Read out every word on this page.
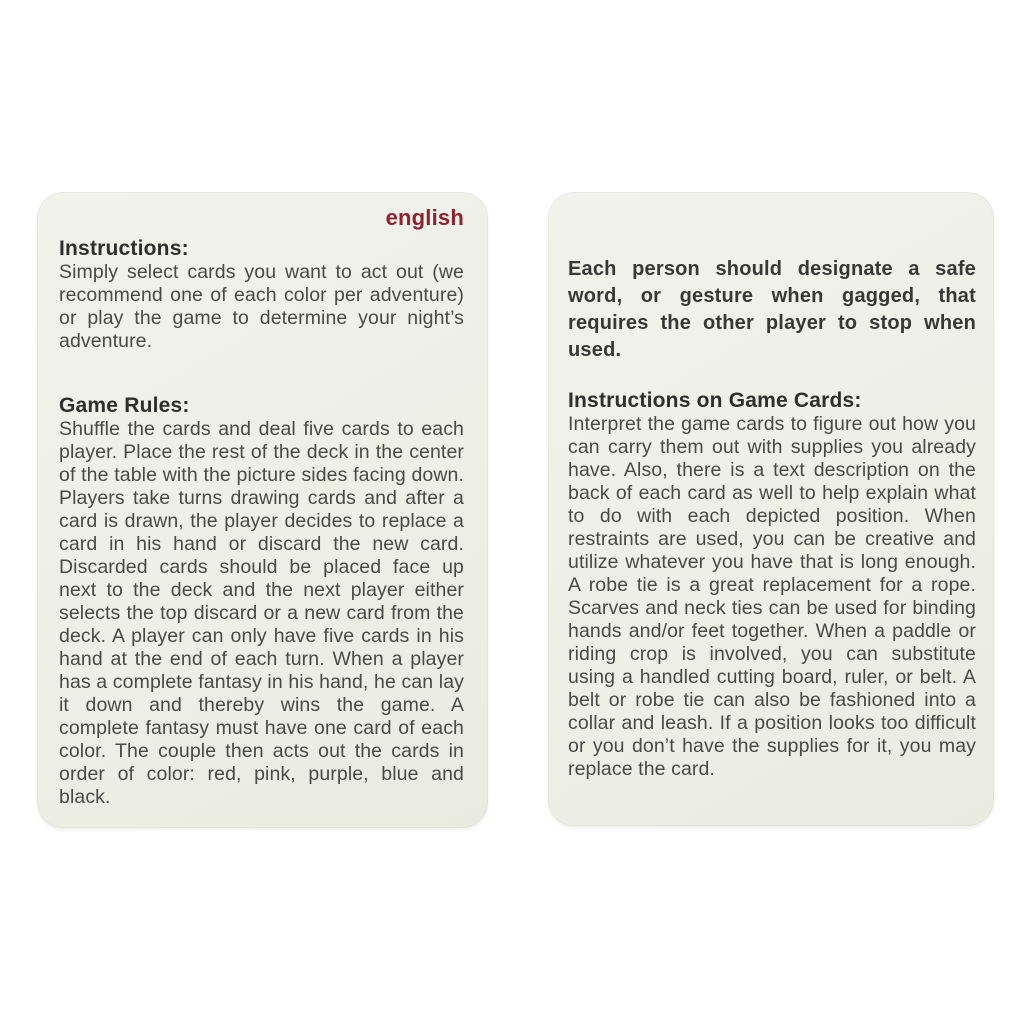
english
Instructions:

Simply select cards you want to act out (we recommend one of each color per adventure) or play the game to determine your night’s adventure.

Game Rules:

Shuffle the cards and deal five cards to each player. Place the rest of the deck in the center of the table with the picture sides facing down. Players take turns drawing cards and after a card is drawn, the player decides to replace a card in his hand or discard the new card. Discarded cards should be placed face up next to the deck and the next player either selects the top discard or a new card from the deck. A player can only have five cards in his hand at the end of each turn. When a player has a complete fantasy in his hand, he can lay it down and thereby wins the game. A complete fantasy must have one card of each color. The couple then acts out the cards in order of color: red, pink, purple, blue and black.

Each person should designate a safe word, or gesture when gagged, that requires the other player to stop when used.

Instructions on Game Cards:

Interpret the game cards to figure out how you can carry them out with supplies you already have. Also, there is a text description on the back of each card as well to help explain what to do with each depicted position. When restraints are used, you can be creative and utilize whatever you have that is long enough. A robe tie is a great replacement for a rope. Scarves and neck ties can be used for binding hands and/or feet together. When a paddle or riding crop is involved, you can substitute using a handled cutting board, ruler, or belt. A belt or robe tie can also be fashioned into a collar and leash. If a position looks too difficult or you don’t have the supplies for it, you may replace the card.
